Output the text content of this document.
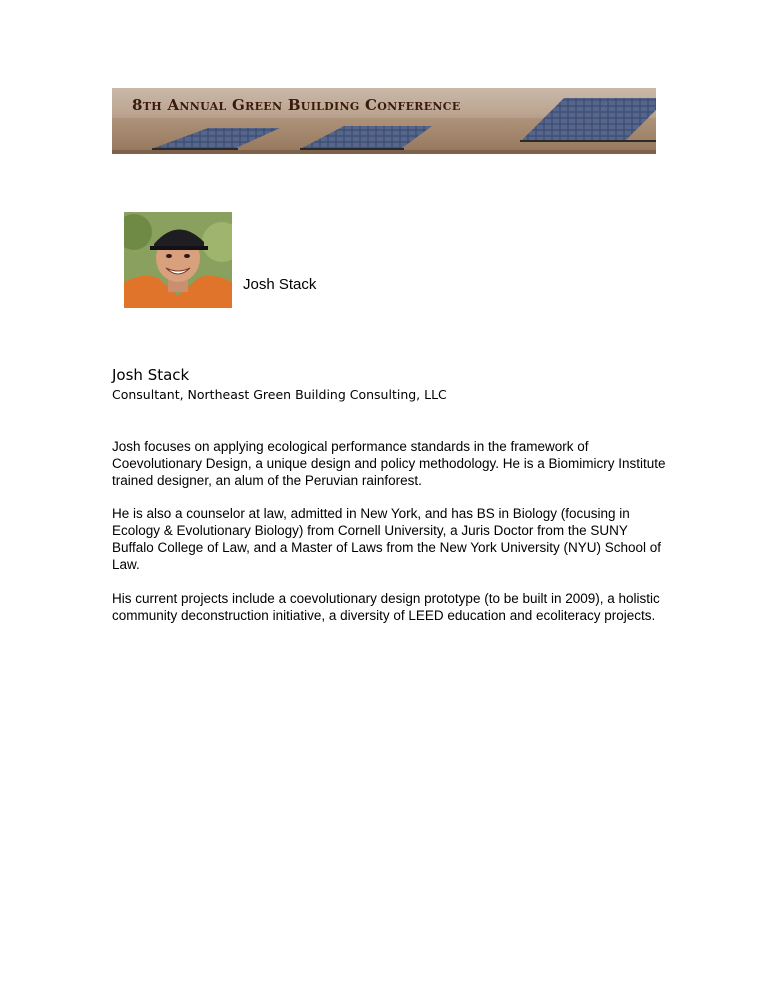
8th Annual Green Building Conference
Josh Stack
Josh Stack
Consultant, Northeast Green Building Consulting, LLC

Josh focuses on applying ecological performance standards in the framework of Coevolutionary Design, a unique design and policy methodology. He is a Biomimicry Institute trained designer, an alum of the Peruvian rainforest.

He is also a counselor at law, admitted in New York, and has BS in Biology (focusing in Ecology & Evolutionary Biology) from Cornell University, a Juris Doctor from the SUNY Buffalo College of Law, and a Master of Laws from the New York University (NYU) School of Law.

His current projects include a coevolutionary design prototype (to be built in 2009), a holistic community deconstruction initiative, a diversity of LEED education and ecoliteracy projects.
